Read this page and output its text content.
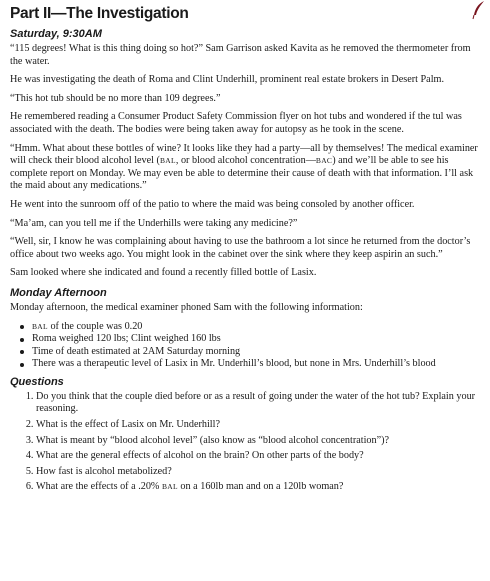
Part II—The Investigation
Saturday, 9:30AM

“115 degrees! What is this thing doing so hot?” Sam Garrison asked Kavita as he removed the thermometer from the water.

He was investigating the death of Roma and Clint Underhill, prominent real estate brokers in Desert Palm.

“This hot tub should be no more than 109 degrees.”

He remembered reading a Consumer Product Safety Commission flyer on hot tubs and wondered if the tul was associated with the death. The bodies were being taken away for autopsy as he took in the scene.

“Hmm. What about these bottles of wine? It looks like they had a party—all by themselves! The medical examiner will check their blood alcohol level (BAL, or blood alcohol concentration—BAC) and we’ll be able to see his complete report on Monday. We may even be able to determine their cause of death with that information. I’ll ask the maid about any medications.”

He went into the sunroom off of the patio to where the maid was being consoled by another officer.

“Ma’am, can you tell me if the Underhills were taking any medicine?”

“Well, sir, I know he was complaining about having to use the bathroom a lot since he returned from the doctor’s office about two weeks ago. You might look in the cabinet over the sink where they keep aspirin an such.”

Sam looked where she indicated and found a recently filled bottle of Lasix.

Monday Afternoon

Monday afternoon, the medical examiner phoned Sam with the following information:

BAL of the couple was 0.20
Roma weighed 120 lbs; Clint weighed 160 lbs
Time of death estimated at 2AM Saturday morning
There was a therapeutic level of Lasix in Mr. Underhill’s blood, but none in Mrs. Underhill’s blood
Questions
1. Do you think that the couple died before or as a result of going under the water of the hot tub? Explain your reasoning.
2. What is the effect of Lasix on Mr. Underhill?
3. What is meant by “blood alcohol level” (also know as “blood alcohol concentration”)?
4. What are the general effects of alcohol on the brain? On other parts of the body?
5. How fast is alcohol metabolized?
6. What are the effects of a .20% BAL on a 160lb man and on a 120lb woman?
